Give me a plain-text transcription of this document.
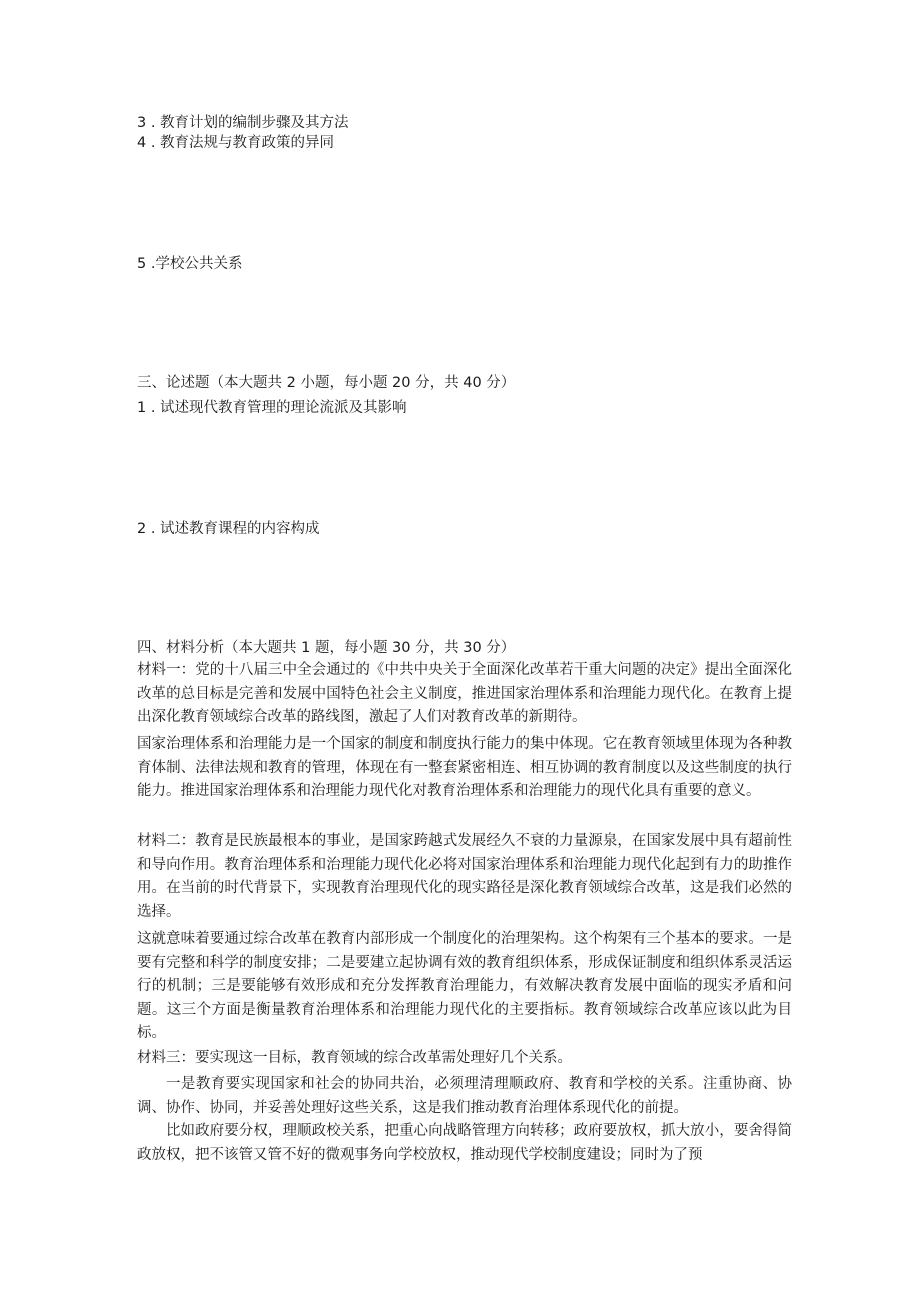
3 . 教育计划的编制步骤及其方法
4 . 教育法规与教育政策的异同
5 .学校公共关系
三、论述题（本大题共 2 小题，每小题 20 分，共 40 分）
1 . 试述现代教育管理的理论流派及其影响
2 . 试述教育课程的内容构成
四、材料分析（本大题共 1 题，每小题 30 分，共 30 分）

材料一：党的十八届三中全会通过的《中共中央关于全面深化改革若干重大问题的决定》提出全面深化改革的总目标是完善和发展中国特色社会主义制度，推进国家治理体系和治理能力现代化。在教育上提出深化教育领域综合改革的路线图，激起了人们对教育改革的新期待。

国家治理体系和治理能力是一个国家的制度和制度执行能力的集中体现。它在教育领域里体现为各种教育体制、法律法规和教育的管理，体现在有一整套紧密相连、相互协调的教育制度以及这些制度的执行能力。推进国家治理体系和治理能力现代化对教育治理体系和治理能力的现代化具有重要的意义。

材料二：教育是民族最根本的事业，是国家跨越式发展经久不衰的力量源泉，在国家发展中具有超前性和导向作用。教育治理体系和治理能力现代化必将对国家治理体系和治理能力现代化起到有力的助推作用。在当前的时代背景下，实现教育治理现代化的现实路径是深化教育领域综合改革，这是我们必然的选择。

这就意味着要通过综合改革在教育内部形成一个制度化的治理架构。这个构架有三个基本的要求。一是要有完整和科学的制度安排；二是要建立起协调有效的教育组织体系，形成保证制度和组织体系灵活运行的机制；三是要能够有效形成和充分发挥教育治理能力，有效解决教育发展中面临的现实矛盾和问题。这三个方面是衡量教育治理体系和治理能力现代化的主要指标。教育领域综合改革应该以此为目标。

材料三：要实现这一目标，教育领域的综合改革需处理好几个关系。

一是教育要实现国家和社会的协同共治，必须理清理顺政府、教育和学校的关系。注重协商、协调、协作、协同，并妥善处理好这些关系，这是我们推动教育治理体系现代化的前提。

比如政府要分权，理顺政校关系，把重心向战略管理方向转移；政府要放权，抓大放小，要舍得简政放权，把不该管又管不好的微观事务向学校放权，推动现代学校制度建设；同时为了预
